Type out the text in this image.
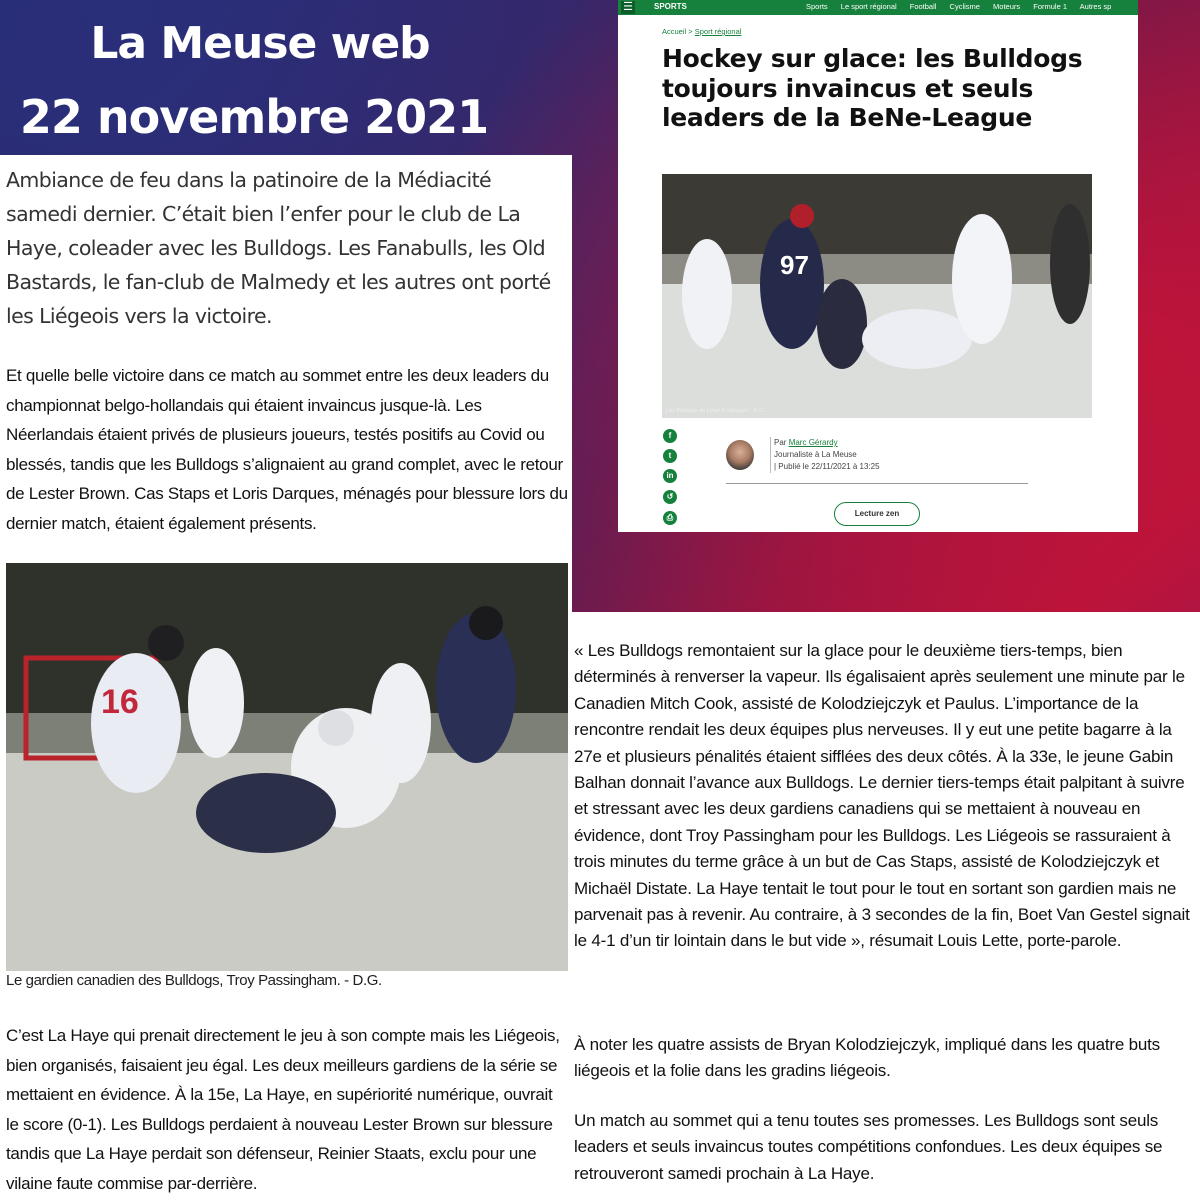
La Meuse web
22 novembre 2021

Ambiance de feu dans la patinoire de la Médiacité samedi dernier. C’était bien l’enfer pour le club de La Haye, coleader avec les Bulldogs. Les Fanabulls, les Old Bastards, le fan-club de Malmedy et les autres ont porté les Liégeois vers la victoire.

Et quelle belle victoire dans ce match au sommet entre les deux leaders du championnat belgo-hollandais qui étaient invaincus jusque-là. Les Néerlandais étaient privés de plusieurs joueurs, testés positifs au Covid ou blessés, tandis que les Bulldogs s’alignaient au grand complet, avec le retour de Lester Brown. Cas Staps et Loris Darques, ménagés pour blessure lors du dernier match, étaient également présents.

16

Le gardien canadien des Bulldogs, Troy Passingham. - D.G.

C’est La Haye qui prenait directement le jeu à son compte mais les Liégeois, bien organisés, faisaient jeu égal. Les deux meilleurs gardiens de la série se mettaient en évidence. À la 15e, La Haye, en supériorité numérique, ouvrait le score (0-1). Les Bulldogs perdaient à nouveau Lester Brown sur blessure tandis que La Haye perdait son défenseur, Reinier Staats, exclu pour une vilaine faute commise par-derrière.

☰	SPORTS	Sports Le sport régional Football Cyclisme Moteurs Formule 1 Autres sp
Accueil > Sport régional
Hockey sur glace: les Bulldogs toujours invaincus et seuls leaders de la BeNe-League
97
Les Bulldogs de Liège à l’attaque! - D.G.
f
t
in
↺
⎙
Par Marc Gérardy
Journaliste à La Meuse
| Publié le 22/11/2021 à 13:25
Lecture zen

« Les Bulldogs remontaient sur la glace pour le deuxième tiers-temps, bien déterminés à renverser la vapeur. Ils égalisaient après seulement une minute par le Canadien Mitch Cook, assisté de Kolodziejczyk et Paulus. L’importance de la rencontre rendait les deux équipes plus nerveuses. Il y eut une petite bagarre à la 27e et plusieurs pénalités étaient sifflées des deux côtés. À la 33e, le jeune Gabin Balhan donnait l’avance aux Bulldogs. Le dernier tiers-temps était palpitant à suivre et stressant avec les deux gardiens canadiens qui se mettaient à nouveau en évidence, dont Troy Passingham pour les Bulldogs. Les Liégeois se rassuraient à trois minutes du terme grâce à un but de Cas Staps, assisté de Kolodziejczyk et Michaël Distate. La Haye tentait le tout pour le tout en sortant son gardien mais ne parvenait pas à revenir. Au contraire, à 3 secondes de la fin, Boet Van Gestel signait le 4-1 d’un tir lointain dans le but vide », résumait Louis Lette, porte-parole.

À noter les quatre assists de Bryan Kolodziejczyk, impliqué dans les quatre buts liégeois et la folie dans les gradins liégeois.

Un match au sommet qui a tenu toutes ses promesses. Les Bulldogs sont seuls leaders et seuls invaincus toutes compétitions confondues. Les deux équipes se retrouveront samedi prochain à La Haye.
